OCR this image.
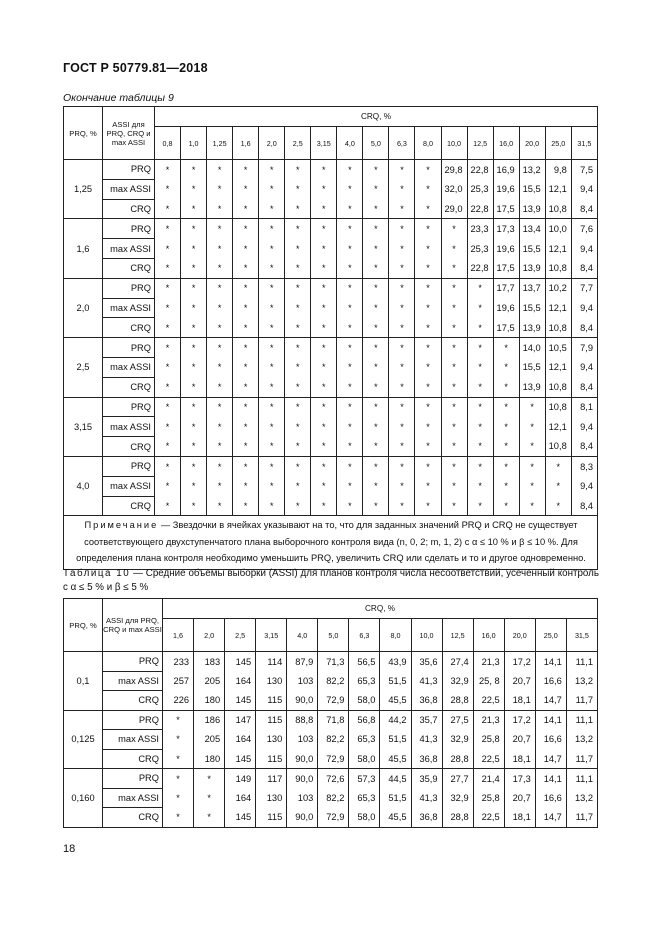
ГОСТ Р 50779.81—2018
Окончание таблицы 9
PRQ, %	ASSI для PRQ, CRQ и max ASSI	CRQ, %																
		0,8	1,0	1,25	1,6	2,0	2,5	3,15	4,0	5,0	6,3	8,0	10,0	12,5	16,0	20,0	25,0	31,5
1,25	PRQ	*	*	*	*	*	*	*	*	*	*	*	29,8	22,8	16,9	13,2	9,8	7,5
	max ASSI	*	*	*	*	*	*	*	*	*	*	*	32,0	25,3	19,6	15,5	12,1	9,4
	CRQ	*	*	*	*	*	*	*	*	*	*	*	29,0	22,8	17,5	13,9	10,8	8,4
1,6	PRQ	*	*	*	*	*	*	*	*	*	*	*	*	23,3	17,3	13,4	10,0	7,6
	max ASSI	*	*	*	*	*	*	*	*	*	*	*	*	25,3	19,6	15,5	12,1	9,4
	CRQ	*	*	*	*	*	*	*	*	*	*	*	*	22,8	17,5	13,9	10,8	8,4
2,0	PRQ	*	*	*	*	*	*	*	*	*	*	*	*	*	17,7	13,7	10,2	7,7
	max ASSI	*	*	*	*	*	*	*	*	*	*	*	*	*	19,6	15,5	12,1	9,4
	CRQ	*	*	*	*	*	*	*	*	*	*	*	*	*	17,5	13,9	10,8	8,4
2,5	PRQ	*	*	*	*	*	*	*	*	*	*	*	*	*	*	14,0	10,5	7,9
	max ASSI	*	*	*	*	*	*	*	*	*	*	*	*	*	*	15,5	12,1	9,4
	CRQ	*	*	*	*	*	*	*	*	*	*	*	*	*	*	13,9	10,8	8,4
3,15	PRQ	*	*	*	*	*	*	*	*	*	*	*	*	*	*	*	10,8	8,1
	max ASSI	*	*	*	*	*	*	*	*	*	*	*	*	*	*	*	12,1	9,4
	CRQ	*	*	*	*	*	*	*	*	*	*	*	*	*	*	*	10,8	8,4
4,0	PRQ	*	*	*	*	*	*	*	*	*	*	*	*	*	*	*	*	8,3
	max ASSI	*	*	*	*	*	*	*	*	*	*	*	*	*	*	*	*	9,4
	CRQ	*	*	*	*	*	*	*	*	*	*	*	*	*	*	*	*	8,4
Примечание — Звездочки в ячейках указывают на то, что для заданных значений PRQ и CRQ не существует соответствующего двухступенчатого плана выборочного контроля вида (n, 0, 2; m, 1, 2) с α ≤ 10 % и β ≤ 10 %. Для определения плана контроля необходимо уменьшить PRQ, увеличить CRQ или сделать и то и другое одновременно.																		
Таблица 10 — Средние объемы выборки (ASSI) для планов контроля числа несоответствий, усеченный контроль с α ≤ 5 % и β ≤ 5 %
PRQ, %	ASSI для PRQ, CRQ и max ASSI	CRQ, %													
		1,6	2,0	2,5	3,15	4,0	5,0	6,3	8,0	10,0	12,5	16,0	20,0	25,0	31,5
0,1	PRQ	233	183	145	114	87,9	71,3	56,5	43,9	35,6	27,4	21,3	17,2	14,1	11,1
	max ASSI	257	205	164	130	103	82,2	65,3	51,5	41,3	32,9	25, 8	20,7	16,6	13,2
	CRQ	226	180	145	115	90,0	72,9	58,0	45,5	36,8	28,8	22,5	18,1	14,7	11,7
0,125	PRQ	*	186	147	115	88,8	71,8	56,8	44,2	35,7	27,5	21,3	17,2	14,1	11,1
	max ASSI	*	205	164	130	103	82,2	65,3	51,5	41,3	32,9	25,8	20,7	16,6	13,2
	CRQ	*	180	145	115	90,0	72,9	58,0	45,5	36,8	28,8	22,5	18,1	14,7	11,7
0,160	PRQ	*	*	149	117	90,0	72,6	57,3	44,5	35,9	27,7	21,4	17,3	14,1	11,1
	max ASSI	*	*	164	130	103	82,2	65,3	51,5	41,3	32,9	25,8	20,7	16,6	13,2
	CRQ	*	*	145	115	90,0	72,9	58,0	45,5	36,8	28,8	22,5	18,1	14,7	11,7
18
